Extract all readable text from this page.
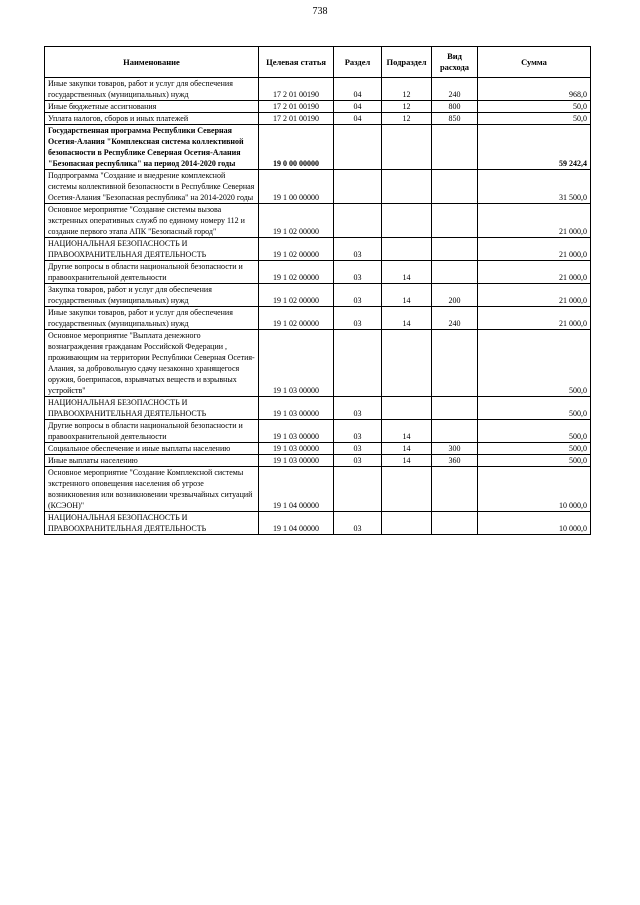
738
Наименование	Целевая статья	Раздел	Подраздел	Вид расхода	Сумма
Иные закупки товаров, работ и услуг для обеспечения государственных (муниципальных) нужд	17 2 01 00190	04	12	240	968,0
Иные бюджетные ассигнования	17 2 01 00190	04	12	800	50,0
Уплата налогов, сборов и иных платежей	17 2 01 00190	04	12	850	50,0
Государственная программа Республики Северная Осетия-Алания "Комплексная система коллективной безопасности в Республике Северная Осетия-Алания "Безопасная республика" на период 2014-2020 годы	19 0 00 00000				59 242,4
Подпрограмма "Создание и внедрение комплексной системы коллективной безопасности в Республике Северная Осетия-Алания "Безопасная республика" на 2014-2020 годы	19 1 00 00000				31 500,0
Основное мероприятие "Создание системы вызова экстренных оперативных служб по единому номеру 112 и создание первого этапа АПК "Безопасный город"	19 1 02 00000				21 000,0
НАЦИОНАЛЬНАЯ БЕЗОПАСНОСТЬ И ПРАВООХРАНИТЕЛЬНАЯ ДЕЯТЕЛЬНОСТЬ	19 1 02 00000	03			21 000,0
Другие вопросы в области национальной безопасности и правоохранительной деятельности	19 1 02 00000	03	14		21 000,0
Закупка товаров, работ и услуг для обеспечения государственных (муниципальных) нужд	19 1 02 00000	03	14	200	21 000,0
Иные закупки товаров, работ и услуг для обеспечения государственных (муниципальных) нужд	19 1 02 00000	03	14	240	21 000,0
Основное мероприятие "Выплата денежного вознаграждения гражданам Российской Федерации , проживающим на территории Республики Северная Осетия-Алания, за добровольную сдачу незаконно хранящегося оружия, боеприпасов, взрывчатых веществ и взрывных устройств"	19 1 03 00000				500,0
НАЦИОНАЛЬНАЯ БЕЗОПАСНОСТЬ И ПРАВООХРАНИТЕЛЬНАЯ ДЕЯТЕЛЬНОСТЬ	19 1 03 00000	03			500,0
Другие вопросы в области национальной безопасности и правоохранительной деятельности	19 1 03 00000	03	14		500,0
Социальное обеспечение и иные выплаты населению	19 1 03 00000	03	14	300	500,0
Иные выплаты населению	19 1 03 00000	03	14	360	500,0
Основное мероприятие "Создание Комплексной системы экстренного оповещения населения об угрозе возникновения или возникновении чрезвычайных ситуаций (КСЭОН)"	19 1 04 00000				10 000,0
НАЦИОНАЛЬНАЯ БЕЗОПАСНОСТЬ И ПРАВООХРАНИТЕЛЬНАЯ ДЕЯТЕЛЬНОСТЬ	19 1 04 00000	03			10 000,0
